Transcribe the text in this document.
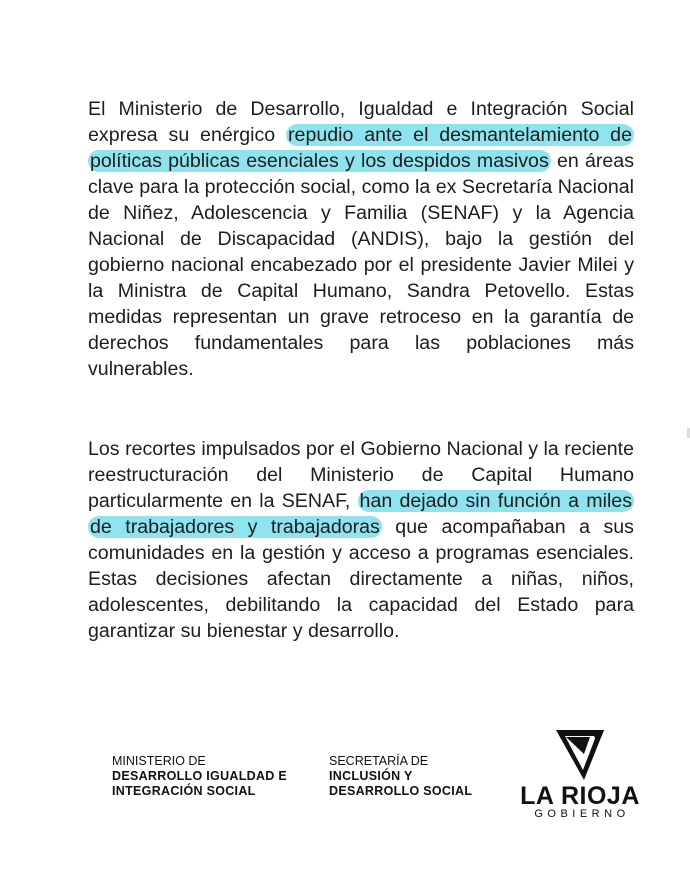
El Ministerio de Desarrollo, Igualdad e Integración Social expresa su enérgico repudio ante el desmantelamiento de políticas públicas esenciales y los despidos masivos en áreas clave para la protección social, como la ex Secretaría Nacional de Niñez, Adolescencia y Familia (SENAF) y la Agencia Nacional de Discapacidad (ANDIS), bajo la gestión del gobierno nacional encabezado por el presidente Javier Milei y la Ministra de Capital Humano, Sandra Petovello. Estas medidas representan un grave retroceso en la garantía de derechos fundamentales para las poblaciones más vulnerables.
Los recortes impulsados por el Gobierno Nacional y la reciente reestructuración del Ministerio de Capital Humano particularmente en la SENAF, han dejado sin función a miles de trabajadores y trabajadoras que acompañaban a sus comunidades en la gestión y acceso a programas esenciales. Estas decisiones afectan directamente a niñas, niños, adolescentes, debilitando la capacidad del Estado para garantizar su bienestar y desarrollo.
MINISTERIO DE
DESARROLLO IGUALDAD E
INTEGRACIÓN SOCIAL
SECRETARÍA DE
INCLUSIÓN Y
DESARROLLO SOCIAL LA RIOJA
GOBIERNO
